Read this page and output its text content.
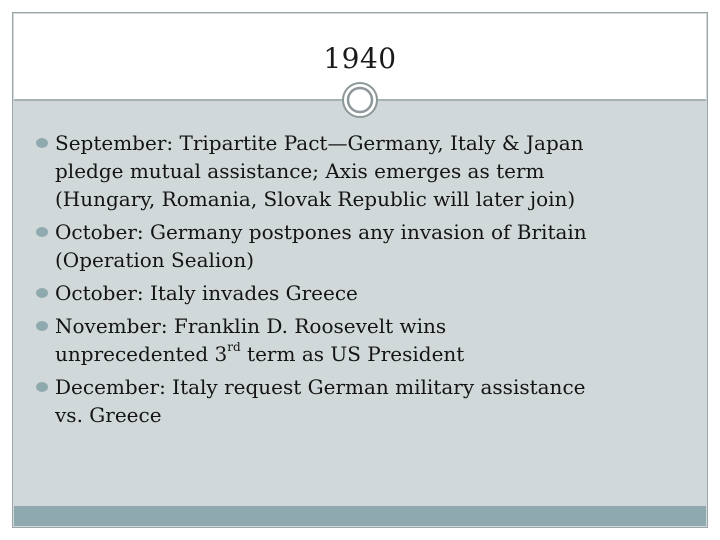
1940
September: Tripartite Pact—Germany, Italy & Japan
pledge mutual assistance; Axis emerges as term
(Hungary, Romania, Slovak Republic will later join)
October: Germany postpones any invasion of Britain
(Operation Sealion)
October: Italy invades Greece
November: Franklin D. Roosevelt wins
unprecedented 3rd term as US President
December: Italy request German military assistance
vs. Greece
